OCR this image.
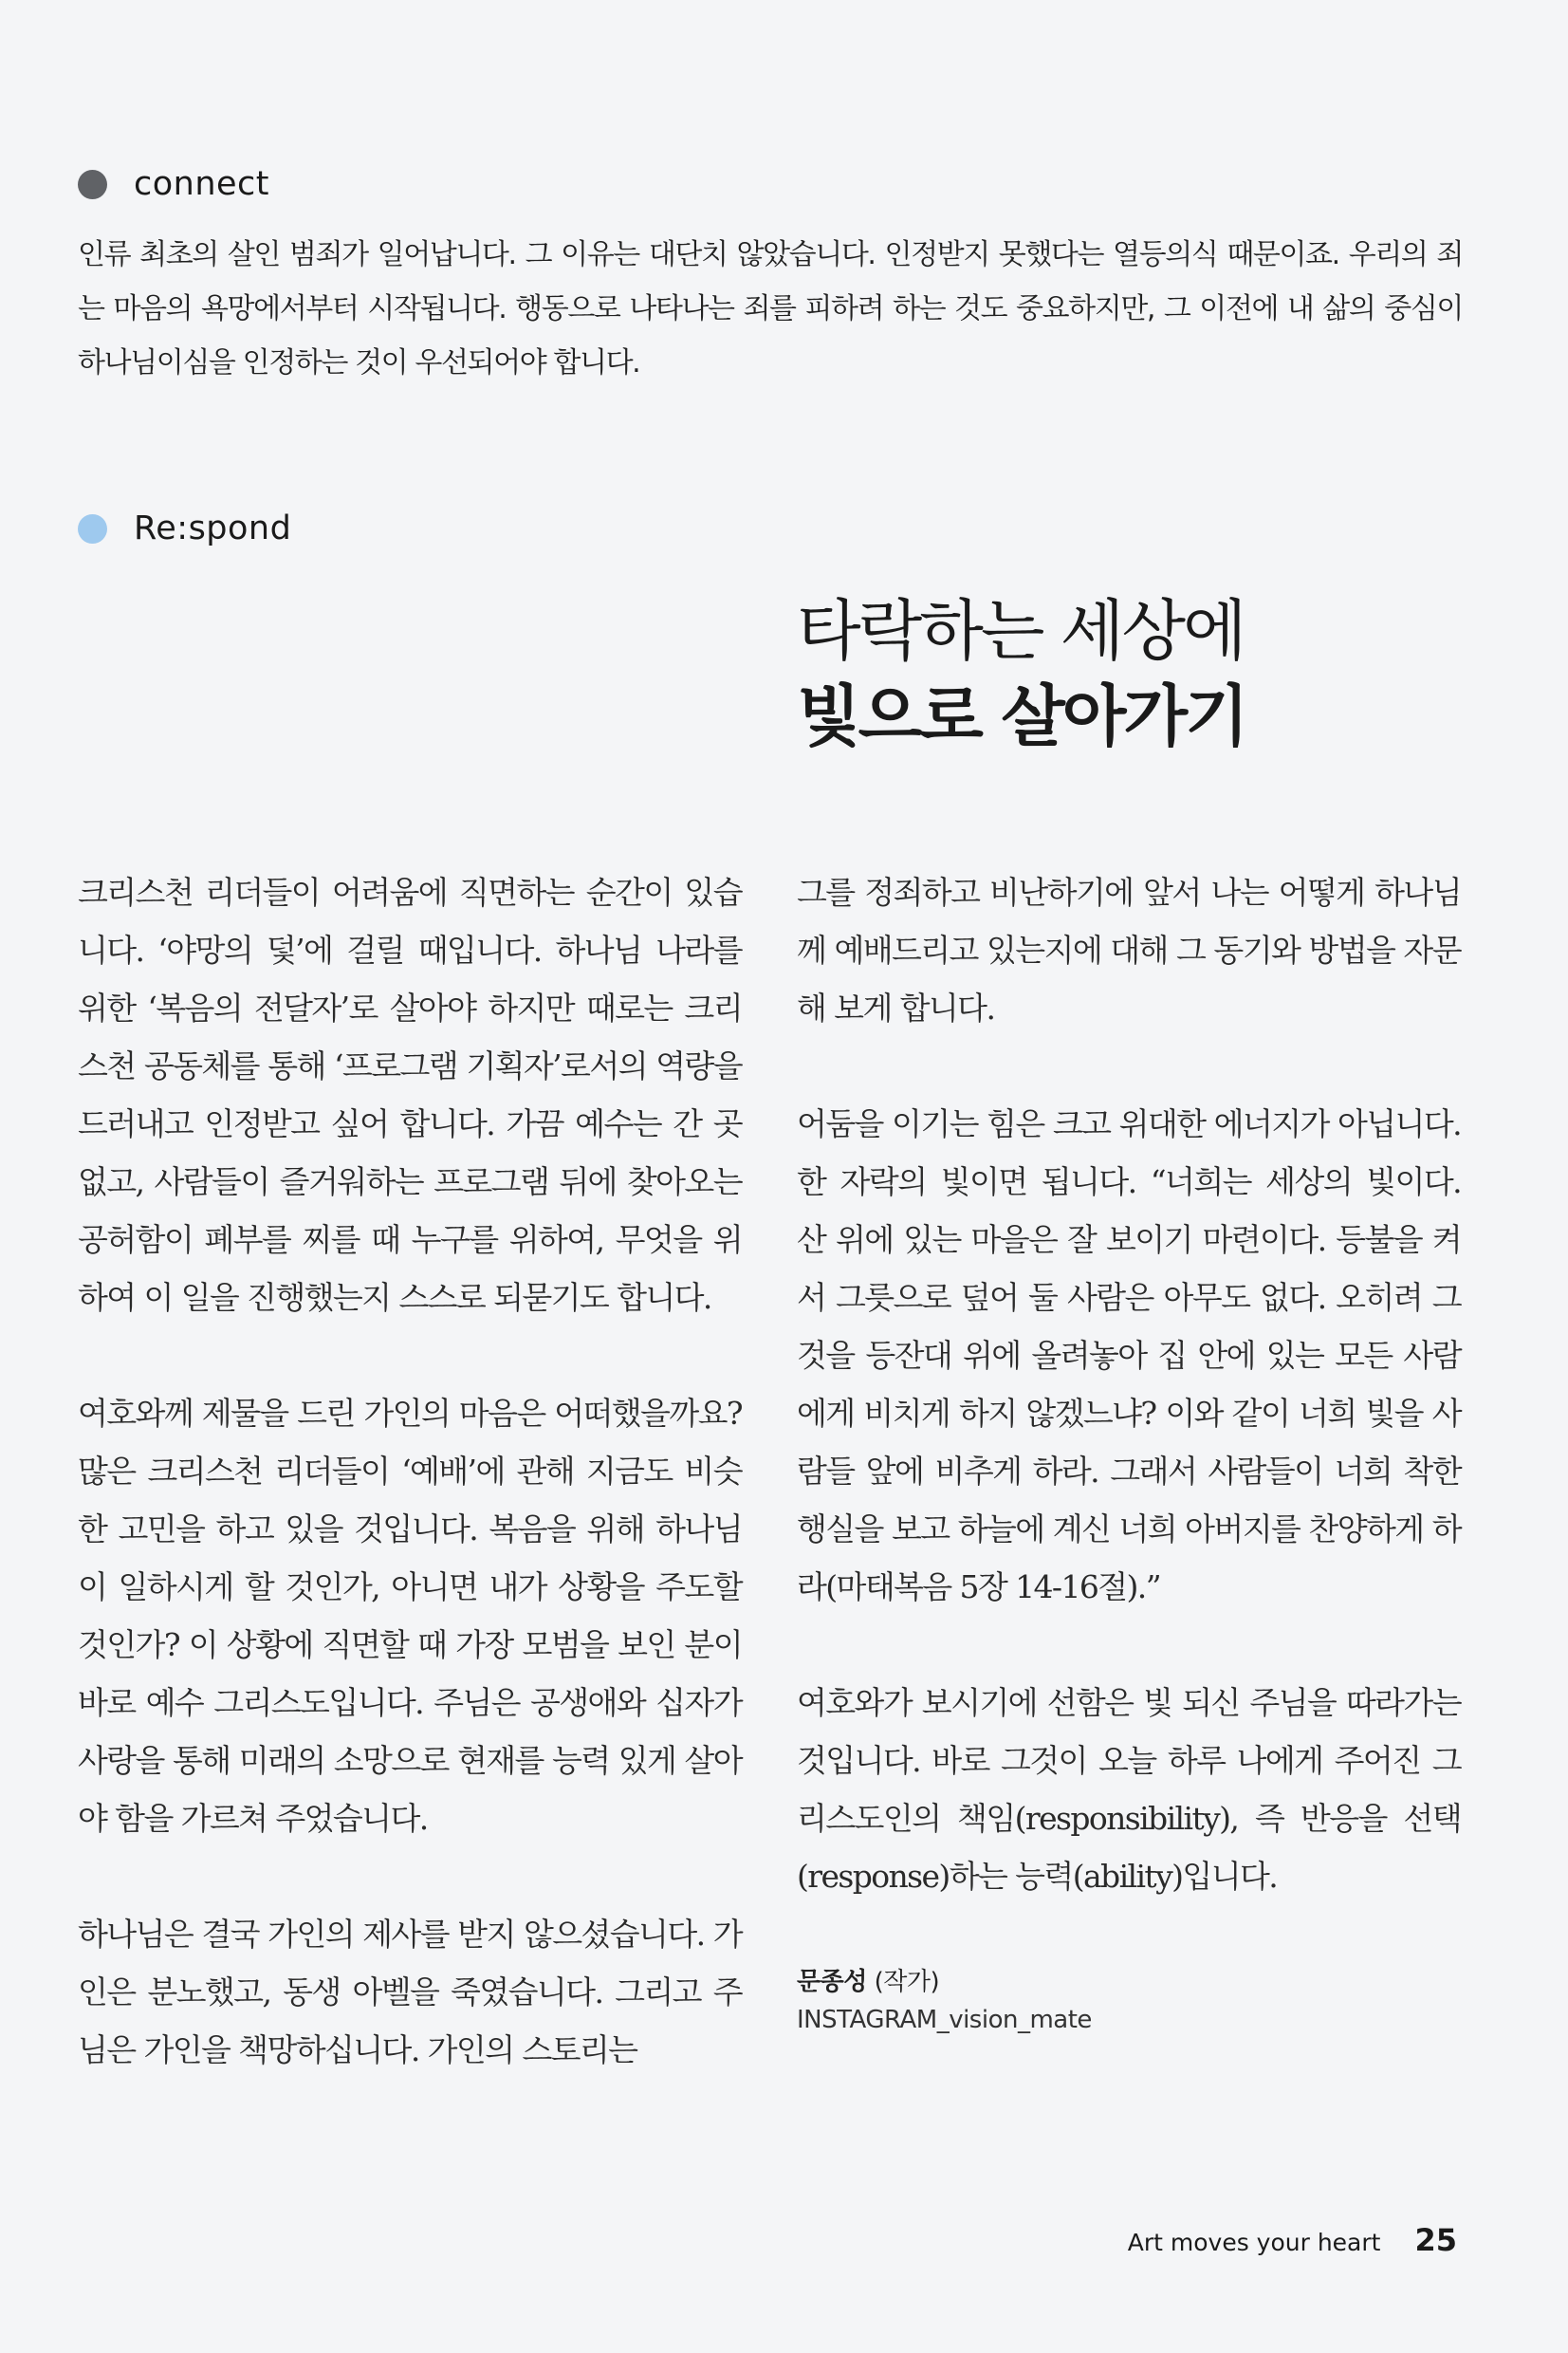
connect
인류 최초의 살인 범죄가 일어납니다. 그 이유는 대단치 않았습니다. 인정받지 못했다는 열등의식 때문이죠. 우리의 죄는 마음의 욕망에서부터 시작됩니다. 행동으로 나타나는 죄를 피하려 하는 것도 중요하지만, 그 이전에 내 삶의 중심이 하나님이심을 인정하는 것이 우선되어야 합니다.
Re:spond
타락하는 세상에
빛으로 살아가기

크리스천 리더들이 어려움에 직면하는 순간이 있습니다. ‘야망의 덫’에 걸릴 때입니다. 하나님 나라를 위한 ‘복음의 전달자’로 살아야 하지만 때로는 크리스천 공동체를 통해 ‘프로그램 기획자’로서의 역량을 드러내고 인정받고 싶어 합니다. 가끔 예수는 간 곳 없고, 사람들이 즐거워하는 프로그램 뒤에 찾아오는 공허함이 폐부를 찌를 때 누구를 위하여, 무엇을 위하여 이 일을 진행했는지 스스로 되묻기도 합니다.

여호와께 제물을 드린 가인의 마음은 어떠했을까요? 많은 크리스천 리더들이 ‘예배’에 관해 지금도 비슷한 고민을 하고 있을 것입니다. 복음을 위해 하나님이 일하시게 할 것인가, 아니면 내가 상황을 주도할 것인가? 이 상황에 직면할 때 가장 모범을 보인 분이 바로 예수 그리스도입니다. 주님은 공생애와 십자가 사랑을 통해 미래의 소망으로 현재를 능력 있게 살아야 함을 가르쳐 주었습니다.

하나님은 결국 가인의 제사를 받지 않으셨습니다. 가인은 분노했고, 동생 아벨을 죽였습니다. 그리고 주님은 가인을 책망하십니다. 가인의 스토리는

그를 정죄하고 비난하기에 앞서 나는 어떻게 하나님께 예배드리고 있는지에 대해 그 동기와 방법을 자문해 보게 합니다.

어둠을 이기는 힘은 크고 위대한 에너지가 아닙니다. 한 자락의 빛이면 됩니다. “너희는 세상의 빛이다. 산 위에 있는 마을은 잘 보이기 마련이다. 등불을 켜서 그릇으로 덮어 둘 사람은 아무도 없다. 오히려 그것을 등잔대 위에 올려놓아 집 안에 있는 모든 사람에게 비치게 하지 않겠느냐? 이와 같이 너희 빛을 사람들 앞에 비추게 하라. 그래서 사람들이 너희 착한 행실을 보고 하늘에 계신 너희 아버지를 찬양하게 하라(마태복음 5장 14-16절).”

여호와가 보시기에 선함은 빛 되신 주님을 따라가는 것입니다. 바로 그것이 오늘 하루 나에게 주어진 그리스도인의 책임(responsibility), 즉 반응을 선택(response)하는 능력(ability)입니다.

문종성 (작가)
INSTAGRAM_vision_mate
Art moves your heart 25
